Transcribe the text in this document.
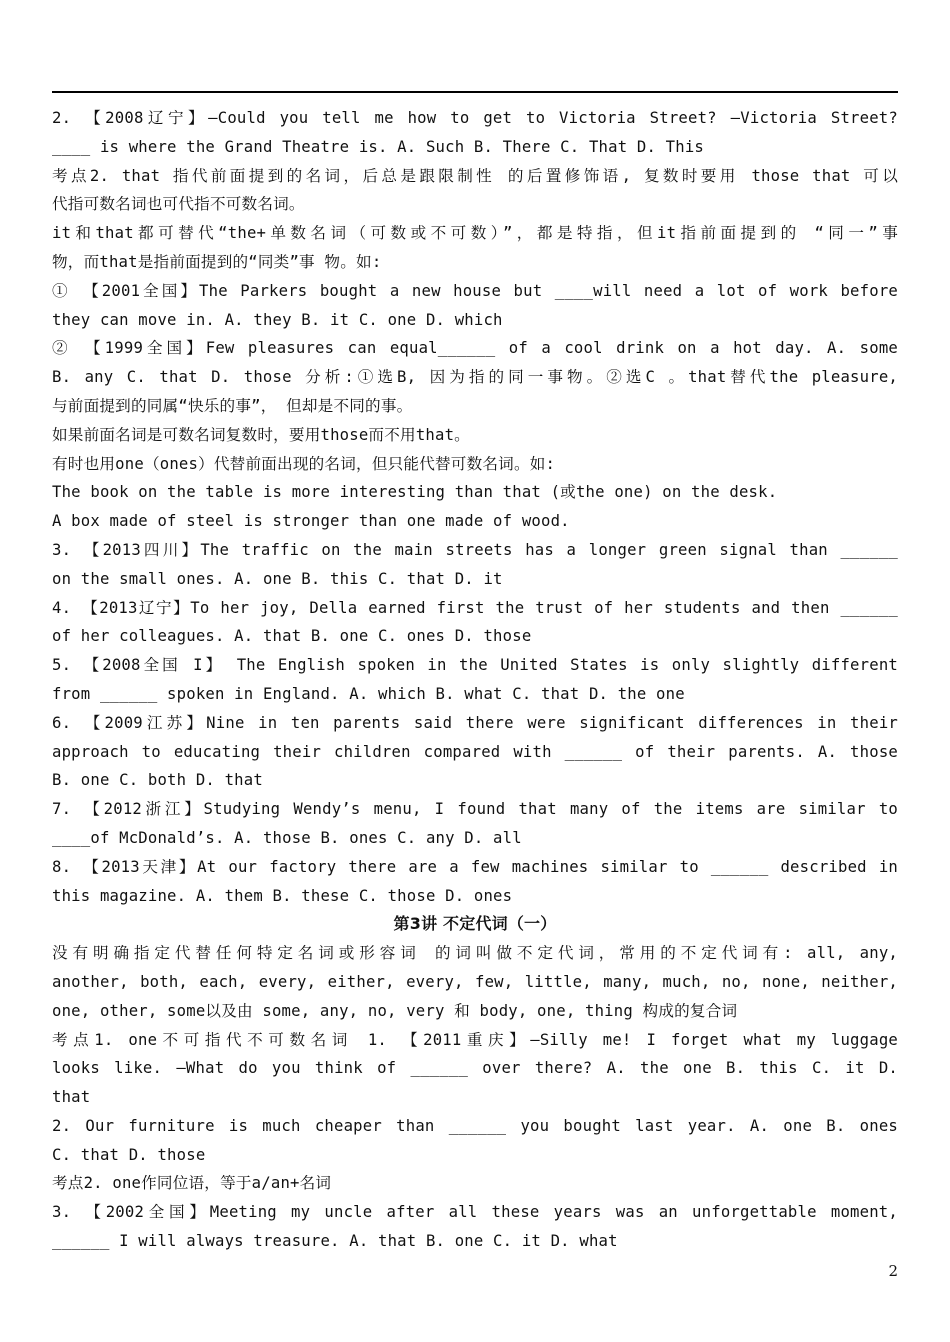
2. 【2008辽宁】—Could you tell me how to get to Victoria Street? —Victoria Street?
____ is where the Grand Theatre is. A. Such B. There C. That D. This
考点2. that 指代前面提到的名词，后总是跟限制性 的后置修饰语, 复数时要用 those that 可以
代指可数名词也可代指不可数名词。
it和that都可替代“the+单数名词（可数或不可数）”，都是特指，但it指前面提到的 “同一”事
物，而that是指前面提到的“同类”事 物。如:
① 【2001全国】The Parkers bought a new house but ____will need a lot of work before
they can move in. A. they B. it C. one D. which
② 【1999全国】Few pleasures can equal______ of a cool drink on a hot day. A. some
B. any C. that D. those 分析:①选B, 因为指的同一事物。②选C 。that替代the pleasure,
与前面提到的同属“快乐的事”， 但却是不同的事。
如果前面名词是可数名词复数时，要用those而不用that。
有时也用one（ones）代替前面出现的名词，但只能代替可数名词。如:
The book on the table is more interesting than that (或the one) on the desk.
A box made of steel is stronger than one made of wood.
3. 【2013四川】The traffic on the main streets has a longer green signal than ______
on the small ones. A. one B. this C. that D. it
4. 【2013辽宁】To her joy, Della earned first the trust of her students and then ______
of her colleagues. A. that B. one C. ones D. those
5. 【2008全国 I】 The English spoken in the United States is only slightly different
from ______ spoken in England. A. which B. what C. that D. the one
6. 【2009江苏】Nine in ten parents said there were significant differences in their
approach to educating their children compared with ______ of their parents. A. those
B. one C. both D. that
7. 【2012浙江】Studying Wendy’s menu, I found that many of the items are similar to
____of McDonald’s. A. those B. ones C. any D. all
8. 【2013天津】At our factory there are a few machines similar to ______ described in
this magazine. A. them B. these C. those D. ones
第3讲 不定代词（一）
没有明确指定代替任何特定名词或形容词 的词叫做不定代词，常用的不定代词有: all, any,
another, both, each, every, either, every, few, little, many, much, no, none, neither,
one, other, some以及由 some, any, no, very 和 body, one, thing 构成的复合词
考点1. one不可指代不可数名词 1. 【2011重庆】—Silly me! I forget what my luggage
looks like. —What do you think of ______ over there? A. the one B. this C. it D.
that
2. Our furniture is much cheaper than ______ you bought last year. A. one B. ones
C. that D. those
考点2. one作同位语，等于a/an+名词
3. 【2002全国】Meeting my uncle after all these years was an unforgettable moment,
______ I will always treasure. A. that B. one C. it D. what
2
